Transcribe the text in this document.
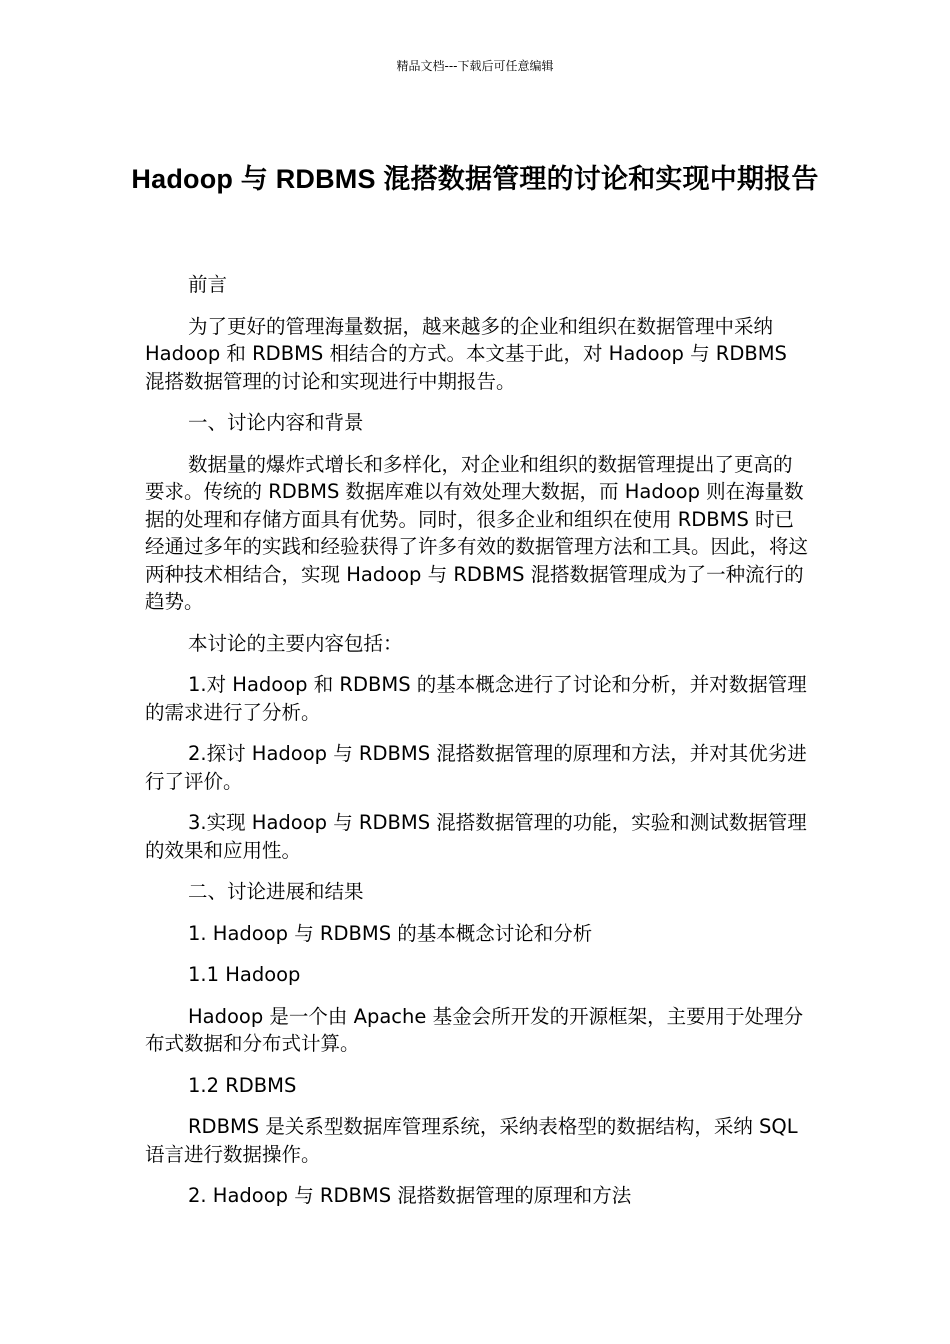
精品文档---下载后可任意编辑
Hadoop 与 RDBMS 混搭数据管理的讨论和实现中期报告

前言

为了更好的管理海量数据，越来越多的企业和组织在数据管理中采纳 Hadoop 和 RDBMS 相结合的方式。本文基于此，对 Hadoop 与 RDBMS 混搭数据管理的讨论和实现进行中期报告。

一、讨论内容和背景

数据量的爆炸式增长和多样化，对企业和组织的数据管理提出了更高的要求。传统的 RDBMS 数据库难以有效处理大数据，而 Hadoop 则在海量数据的处理和存储方面具有优势。同时，很多企业和组织在使用 RDBMS 时已经通过多年的实践和经验获得了许多有效的数据管理方法和工具。因此，将这两种技术相结合，实现 Hadoop 与 RDBMS 混搭数据管理成为了一种流行的趋势。

本讨论的主要内容包括：

1.对 Hadoop 和 RDBMS 的基本概念进行了讨论和分析，并对数据管理的需求进行了分析。

2.探讨 Hadoop 与 RDBMS 混搭数据管理的原理和方法，并对其优劣进行了评价。

3.实现 Hadoop 与 RDBMS 混搭数据管理的功能，实验和测试数据管理的效果和应用性。

二、讨论进展和结果

1. Hadoop 与 RDBMS 的基本概念讨论和分析

1.1 Hadoop

Hadoop 是一个由 Apache 基金会所开发的开源框架，主要用于处理分布式数据和分布式计算。

1.2 RDBMS

RDBMS 是关系型数据库管理系统，采纳表格型的数据结构，采纳 SQL 语言进行数据操作。

2. Hadoop 与 RDBMS 混搭数据管理的原理和方法
